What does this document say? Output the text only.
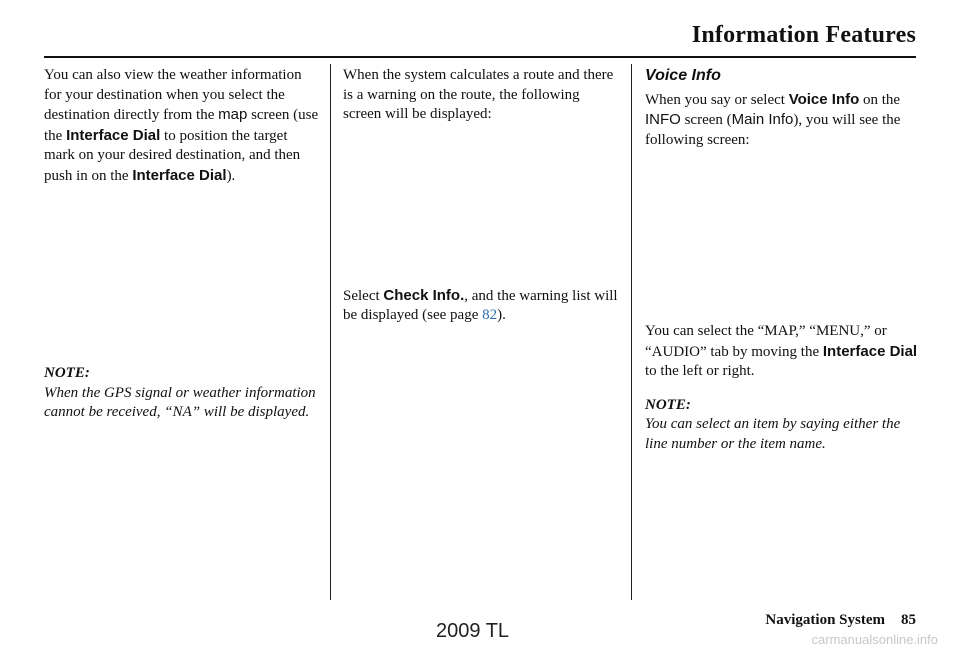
Information Features

You can also view the weather information for your destination when you select the destination directly from the map screen (use the Interface Dial to position the target mark on your desired destination, and then push in on the Interface Dial).

NOTE:

When the GPS signal or weather information cannot be received, “NA” will be displayed.

When the system calculates a route and there is a warning on the route, the following screen will be displayed:

Select Check Info., and the warning list will be displayed (see page 82).

Voice Info

When you say or select Voice Info on the INFO screen (Main Info), you will see the following screen:

You can select the “MAP,” “MENU,” or “AUDIO” tab by moving the Interface Dial to the left or right.

NOTE:

You can select an item by saying either the line number or the item name.

Navigation System 85
2009 TL	carmanualsonline.info
